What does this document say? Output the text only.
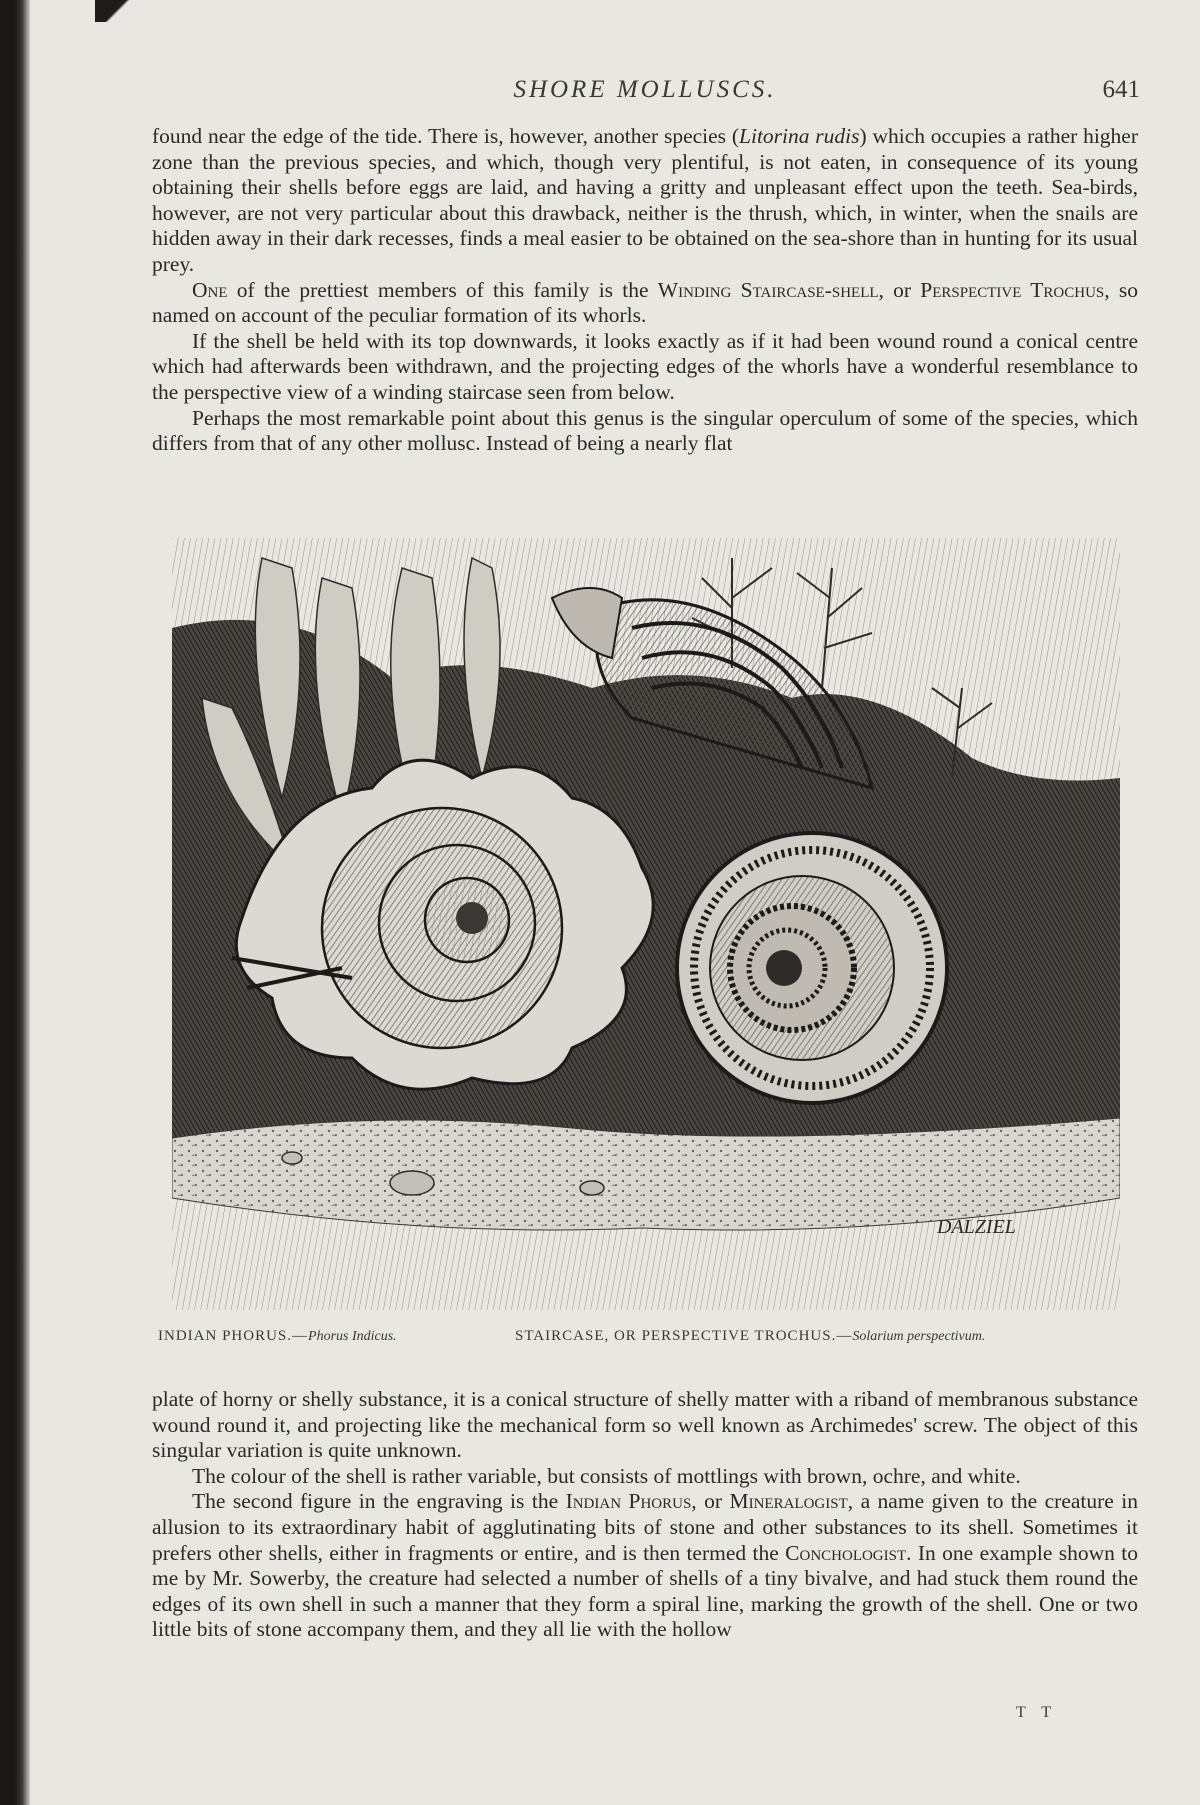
SHORE MOLLUSCS.	641

found near the edge of the tide. There is, however, another species (Litorina rudis) which occupies a rather higher zone than the previous species, and which, though very plentiful, is not eaten, in consequence of its young obtaining their shells before eggs are laid, and having a gritty and unpleasant effect upon the teeth. Sea-birds, however, are not very particular about this drawback, neither is the thrush, which, in winter, when the snails are hidden away in their dark recesses, finds a meal easier to be obtained on the sea-shore than in hunting for its usual prey.

One of the prettiest members of this family is the Winding Staircase-shell, or Perspective Trochus, so named on account of the peculiar formation of its whorls.

If the shell be held with its top downwards, it looks exactly as if it had been wound round a conical centre which had afterwards been withdrawn, and the projecting edges of the whorls have a wonderful resemblance to the perspective view of a winding staircase seen from below.

Perhaps the most remarkable point about this genus is the singular operculum of some of the species, which differs from that of any other mollusc. Instead of being a nearly flat

DALZIEL
INDIAN PHORUS.—Phorus Indicus.	STAIRCASE, OR PERSPECTIVE TROCHUS.—Solarium perspectivum.

plate of horny or shelly substance, it is a conical structure of shelly matter with a riband of membranous substance wound round it, and projecting like the mechanical form so well known as Archimedes' screw. The object of this singular variation is quite unknown.

The colour of the shell is rather variable, but consists of mottlings with brown, ochre, and white.

The second figure in the engraving is the Indian Phorus, or Mineralogist, a name given to the creature in allusion to its extraordinary habit of agglutinating bits of stone and other substances to its shell. Sometimes it prefers other shells, either in fragments or entire, and is then termed the Conchologist. In one example shown to me by Mr. Sowerby, the creature had selected a number of shells of a tiny bivalve, and had stuck them round the edges of its own shell in such a manner that they form a spiral line, marking the growth of the shell. One or two little bits of stone accompany them, and they all lie with the hollow

T T
